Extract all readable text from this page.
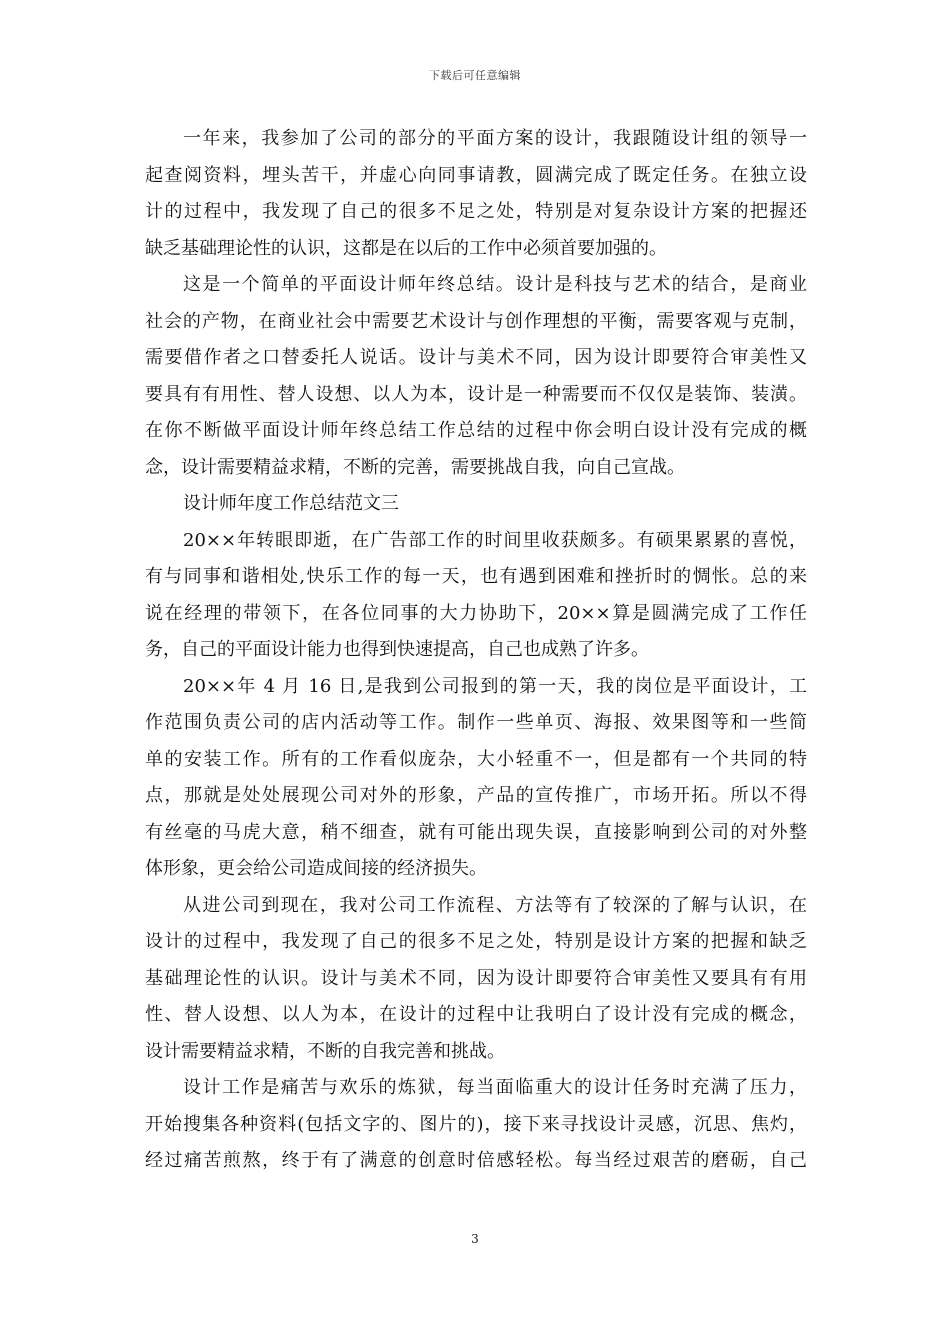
下载后可任意编辑
一年来，我参加了公司的部分的平面方案的设计，我跟随设计组的领导一
起查阅资料，埋头苦干，并虚心向同事请教，圆满完成了既定任务。在独立设
计的过程中，我发现了自己的很多不足之处，特别是对复杂设计方案的把握还
缺乏基础理论性的认识，这都是在以后的工作中必须首要加强的。
这是一个简单的平面设计师年终总结。设计是科技与艺术的结合，是商业
社会的产物，在商业社会中需要艺术设计与创作理想的平衡，需要客观与克制，
需要借作者之口替委托人说话。设计与美术不同，因为设计即要符合审美性又
要具有有用性、替人设想、以人为本，设计是一种需要而不仅仅是装饰、装潢。
在你不断做平面设计师年终总结工作总结的过程中你会明白设计没有完成的概
念，设计需要精益求精，不断的完善，需要挑战自我，向自己宣战。
设计师年度工作总结范文三
20××年转眼即逝，在广告部工作的时间里收获颇多。有硕果累累的喜悦，
有与同事和谐相处,快乐工作的每一天，也有遇到困难和挫折时的惆怅。总的来
说在经理的带领下，在各位同事的大力协助下，20××算是圆满完成了工作任
务，自己的平面设计能力也得到快速提高，自己也成熟了许多。
20××年 4 月 16 日,是我到公司报到的第一天，我的岗位是平面设计，工
作范围负责公司的店内活动等工作。制作一些单页、海报、效果图等和一些简
单的安装工作。所有的工作看似庞杂，大小轻重不一，但是都有一个共同的特
点，那就是处处展现公司对外的形象，产品的宣传推广，市场开拓。所以不得
有丝毫的马虎大意，稍不细查，就有可能出现失误，直接影响到公司的对外整
体形象，更会给公司造成间接的经济损失。
从进公司到现在，我对公司工作流程、方法等有了较深的了解与认识，在
设计的过程中，我发现了自己的很多不足之处，特别是设计方案的把握和缺乏
基础理论性的认识。设计与美术不同，因为设计即要符合审美性又要具有有用
性、替人设想、以人为本，在设计的过程中让我明白了设计没有完成的概念，
设计需要精益求精，不断的自我完善和挑战。
设计工作是痛苦与欢乐的炼狱，每当面临重大的设计任务时充满了压力，
开始搜集各种资料(包括文字的、图片的)，接下来寻找设计灵感，沉思、焦灼，
经过痛苦煎熬，终于有了满意的创意时倍感轻松。每当经过艰苦的磨砺，自己
3
